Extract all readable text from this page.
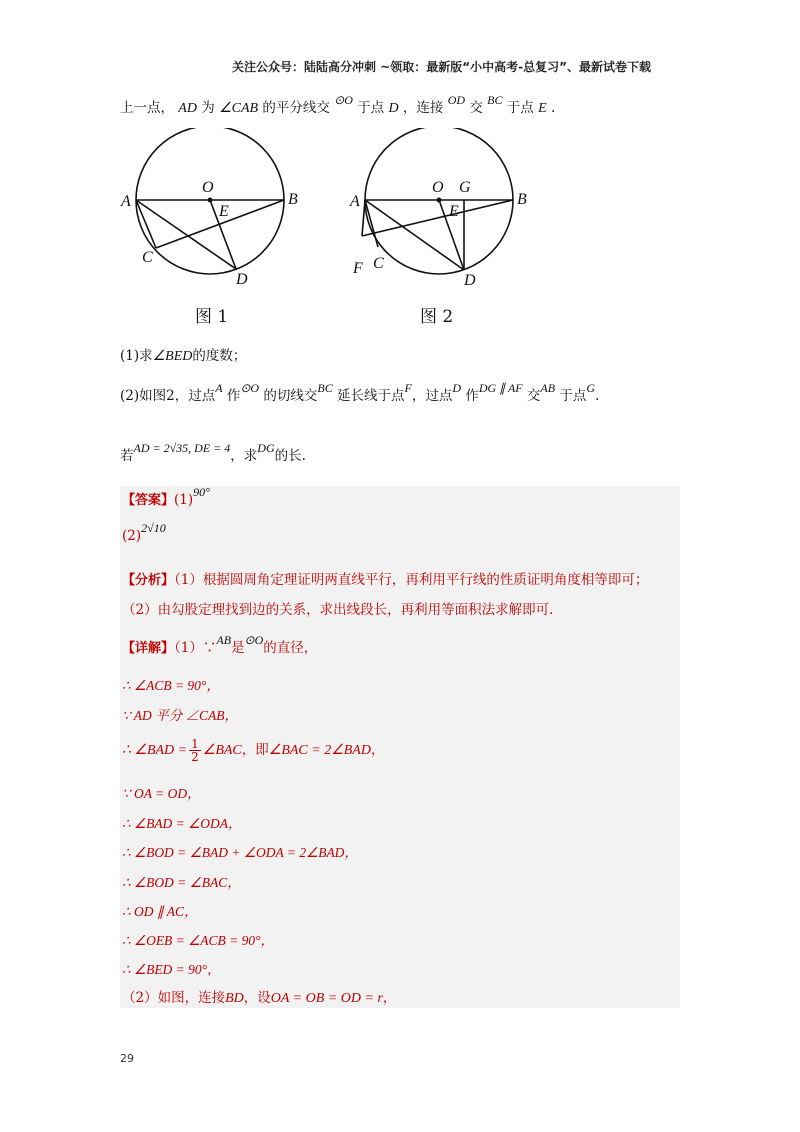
关注公众号：陆陆高分冲刺 ~领取：最新版“小中高考-总复习”、最新试卷下载
上一点， AD 为 ∠CAB 的平分线交 ⊙O 于点 D ，连接 OD 交 BC 于点 E .
A	B
O
E
C
D
A	B
O G
E
C
F
D
图 1	图 2
(1)求∠BED的度数；
(2)如图2，过点A 作⊙O 的切线交BC 延长线于点F，过点D 作DG ∥ AF 交AB 于点G.
若AD = 2√35, DE = 4，求DG的长.
【答案】(1)90°
(2)2√10
【分析】（1）根据圆周角定理证明两直线平行，再利用平行线的性质证明角度相等即可；
（2）由勾股定理找到边的关系，求出线段长，再利用等面积法求解即可.
【详解】（1）∵AB是⊙O的直径，
∴ ∠ACB = 90°，
∵ AD 平分 ∠CAB，
∴ ∠BAD = $\frac{1}{2}$ ∠BAC，即∠BAC = 2∠BAD，
∵ OA = OD，
∴ ∠BAD = ∠ODA，
∴ ∠BOD = ∠BAD + ∠ODA = 2∠BAD，
∴ ∠BOD = ∠BAC，
∴ OD ∥ AC，
∴ ∠OEB = ∠ACB = 90°，
∴ ∠BED = 90°，
（2）如图，连接BD，设OA = OB = OD = r，
29
